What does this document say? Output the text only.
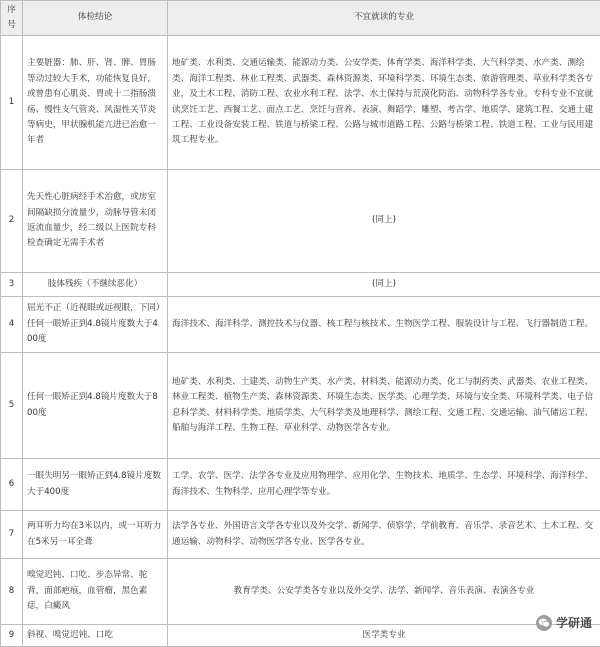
序号	体检结论	不宜就读的专业
1	主要脏器：肺、肝、肾、脾、胃肠等动过较大手术，功能恢复良好，或曾患有心肌炎、胃或十二指肠溃疡、慢性支气管炎、风湿性关节炎等病史，甲状腺机能亢进已治愈一年者	地矿类、水利类、交通运输类、能源动力类、公安学类、体育学类、海洋科学类、大气科学类、水产类、测绘类、海洋工程类、林业工程类、武器类、森林资源类、环境科学类、环境生态类、旅游管理类、草业科学类各专业，及土木工程、消防工程、农业水利工程、法学、水土保持与荒漠化防治、动物科学各专业。专科专业不宜就读烹饪工艺、西餐工艺、面点工艺、烹饪与营养、表演、舞蹈学、雕塑、考古学、地质学、建筑工程、交通土建工程、工业设备安装工程、铁道与桥梁工程、公路与城市道路工程、公路与桥梁工程、铁道工程、工业与民用建筑工程专业。
2	先天性心脏病经手术治愈，或房室间隔缺损分流量少，动脉导管未闭返流血量少，经二级以上医院专科检查确定无需手术者	(同上)
3	肢体残疾（不继续恶化）	(同上)
4	屈光不正（近视眼或远视眼，下同）任何一眼矫正到4.8镜片度数大于400度	海洋技术、海洋科学、测控技术与仪器、核工程与核技术、生物医学工程、服装设计与工程、飞行器制造工程。
5	任何一眼矫正到4.8镜片度数大于800度	地矿类、水利类、土建类、动物生产类、水产类、材料类、能源动力类、化工与制药类、武器类、农业工程类、林业工程类、植物生产类、森林资源类、环境生态类、医学类、心理学类、环境与安全类、环境科学类、电子信息科学类、材料科学类、地质学类、大气科学类及地理科学、测绘工程、交通工程、交通运输、油气储运工程、船舶与海洋工程、生物工程、草业科学、动物医学各专业。
6	一眼失明另一眼矫正到4.8镜片度数大于400度	工学、农学、医学、法学各专业及应用物理学、应用化学、生物技术、地质学、生态学、环境科学、海洋科学、海洋技术、生物科学、应用心理学等专业。
7	两耳听力均在3米以内，或一耳听力在5米另一耳全聋	法学各专业、外国语言文学各专业以及外交学、新闻学、侦察学、学前教育、音乐学、录音艺术、土木工程、交通运输、动物科学、动物医学各专业、医学各专业。
8	嗅觉迟钝、口吃、步态异常、驼背，面部疤痕，血管瘤，黑色素痣，白癜风	教育学类、公安学类各专业以及外交学、法学、新闻学、音乐表演、表演各专业
9	斜视、嗅觉迟钝、口吃	医学类专业
学研通
